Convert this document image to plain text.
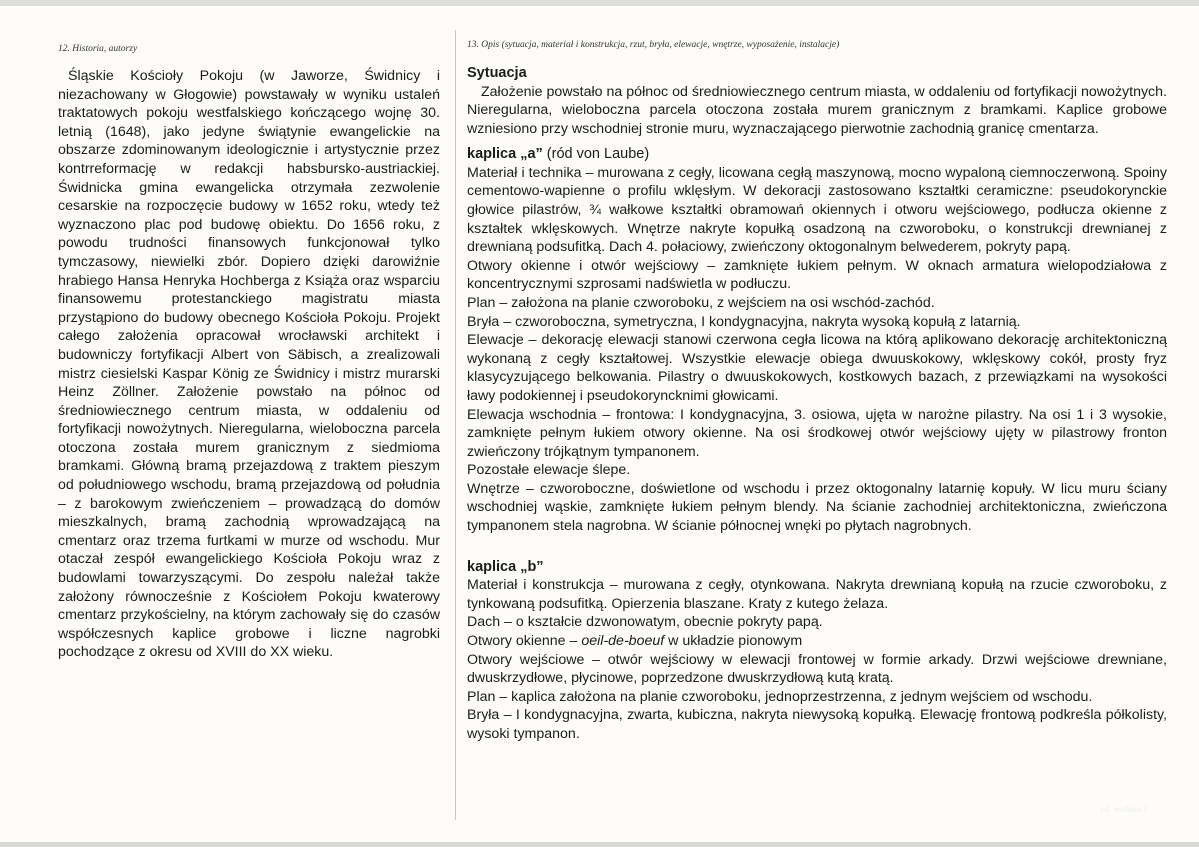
12. Historia, autorzy

Śląskie Kościoły Pokoju (w Jaworze, Świdnicy i niezachowany w Głogowie) powstawały w wyniku ustaleń traktatowych pokoju westfalskiego kończącego wojnę 30. letnią (1648), jako jedyne świątynie ewangelickie na obszarze zdominowanym ideologicznie i artystycznie przez kontrreformację w redakcji habsbursko-austriackiej. Świdnicka gmina ewangelicka otrzymała zezwolenie cesarskie na rozpoczęcie budowy w 1652 roku, wtedy też wyznaczono plac pod budowę obiektu. Do 1656 roku, z powodu trudności finansowych funkcjonował tylko tymczasowy, niewielki zbór. Dopiero dzięki darowiźnie hrabiego Hansa Henryka Hochberga z Książa oraz wsparciu finansowemu protestanckiego magistratu miasta przystąpiono do budowy obecnego Kościoła Pokoju. Projekt całego założenia opracował wrocławski architekt i budowniczy fortyfikacji Albert von Säbisch, a zrealizowali mistrz ciesielski Kaspar König ze Świdnicy i mistrz murarski Heinz Zöllner. Założenie powstało na północ od średniowiecznego centrum miasta, w oddaleniu od fortyfikacji nowożytnych. Nieregularna, wieloboczna parcela otoczona została murem granicznym z siedmioma bramkami. Główną bramą przejazdową z traktem pieszym od południowego wschodu, bramą przejazdową od południa – z barokowym zwieńczeniem – prowadzącą do domów mieszkalnych, bramą zachodnią wprowadzającą na cmentarz oraz trzema furtkami w murze od wschodu. Mur otaczał zespół ewangelickiego Kościoła Pokoju wraz z budowlami towarzyszącymi. Do zespołu należał także założony równocześnie z Kościołem Pokoju kwaterowy cmentarz przykościelny, na którym zachowały się do czasów współczesnych kaplice grobowe i liczne nagrobki pochodzące z okresu od XVIII do XX wieku.

13. Opis (sytuacja, materiał i konstrukcja, rzut, bryła, elewacje, wnętrze, wyposażenie, instalacje)
Sytuacja

Założenie powstało na północ od średniowiecznego centrum miasta, w oddaleniu od fortyfikacji nowożytnych. Nieregularna, wieloboczna parcela otoczona została murem granicznym z bramkami. Kaplice grobowe wzniesiono przy wschodniej stronie muru, wyznaczającego pierwotnie zachodnią granicę cmentarza.

kaplica „a” (ród von Laube)

Materiał i technika – murowana z cegły, licowana cegłą maszynową, mocno wypaloną ciemnoczerwoną. Spoiny cementowo-wapienne o profilu wklęsłym. W dekoracji zastosowano kształtki ceramiczne: pseudokorynckie głowice pilastrów, ¾ wałkowe kształtki obramowań okiennych i otworu wejściowego, podłucza okienne z kształtek wklęskowych. Wnętrze nakryte kopułką osadzoną na czworoboku, o konstrukcji drewnianej z drewnianą podsufitką. Dach 4. połaciowy, zwieńczony oktogonalnym belwederem, pokryty papą.

Otwory okienne i otwór wejściowy – zamknięte łukiem pełnym. W oknach armatura wielopodziałowa z koncentrycznymi szprosami nadświetla w podłuczu.

Plan – założona na planie czworoboku, z wejściem na osi wschód-zachód.

Bryła – czworoboczna, symetryczna, I kondygnacyjna, nakryta wysoką kopułą z latarnią.

Elewacje – dekorację elewacji stanowi czerwona cegła licowa na którą aplikowano dekorację architektoniczną wykonaną z cegły kształtowej. Wszystkie elewacje obiega dwuuskokowy, wklęskowy cokół, prosty fryz klasycyzującego belkowania. Pilastry o dwuuskokowych, kostkowych bazach, z przewiązkami na wysokości ławy podokiennej i pseudokoryncknimi głowicami.

Elewacja wschodnia – frontowa: I kondygnacyjna, 3. osiowa, ujęta w narożne pilastry. Na osi 1 i 3 wysokie, zamknięte pełnym łukiem otwory okienne. Na osi środkowej otwór wejściowy ujęty w pilastrowy fronton zwieńczony trójkątnym tympanonem.

Pozostałe elewacje ślepe.

Wnętrze – czworoboczne, doświetlone od wschodu i przez oktogonalny latarnię kopuły. W licu muru ściany wschodniej wąskie, zamknięte łukiem pełnym blendy. Na ścianie zachodniej architektoniczna, zwieńczona tympanonem stela nagrobna. W ścianie północnej wnęki po płytach nagrobnych.

kaplica „b”

Materiał i konstrukcja – murowana z cegły, otynkowana. Nakryta drewnianą kopułą na rzucie czworoboku, z tynkowaną podsufitką. Opierzenia blaszane. Kraty z kutego żelaza.

Dach – o kształcie dzwonowatym, obecnie pokryty papą.

Otwory okienne – oeil-de-boeuf w układzie pionowym

Otwory wejściowe – otwór wejściowy w elewacji frontowej w formie arkady. Drzwi wejściowe drewniane, dwuskrzydłowe, płycinowe, poprzedzone dwuskrzydłową kutą kratą.

Plan – kaplica założona na planie czworoboku, jednoprzestrzenna, z jednym wejściem od wschodu.

Bryła – I kondygnacyjna, zwarta, kubiczna, nakryta niewysoką kopułką. Elewację frontową podkreśla półkolisty, wysoki tympanon.

cd. widoku I
